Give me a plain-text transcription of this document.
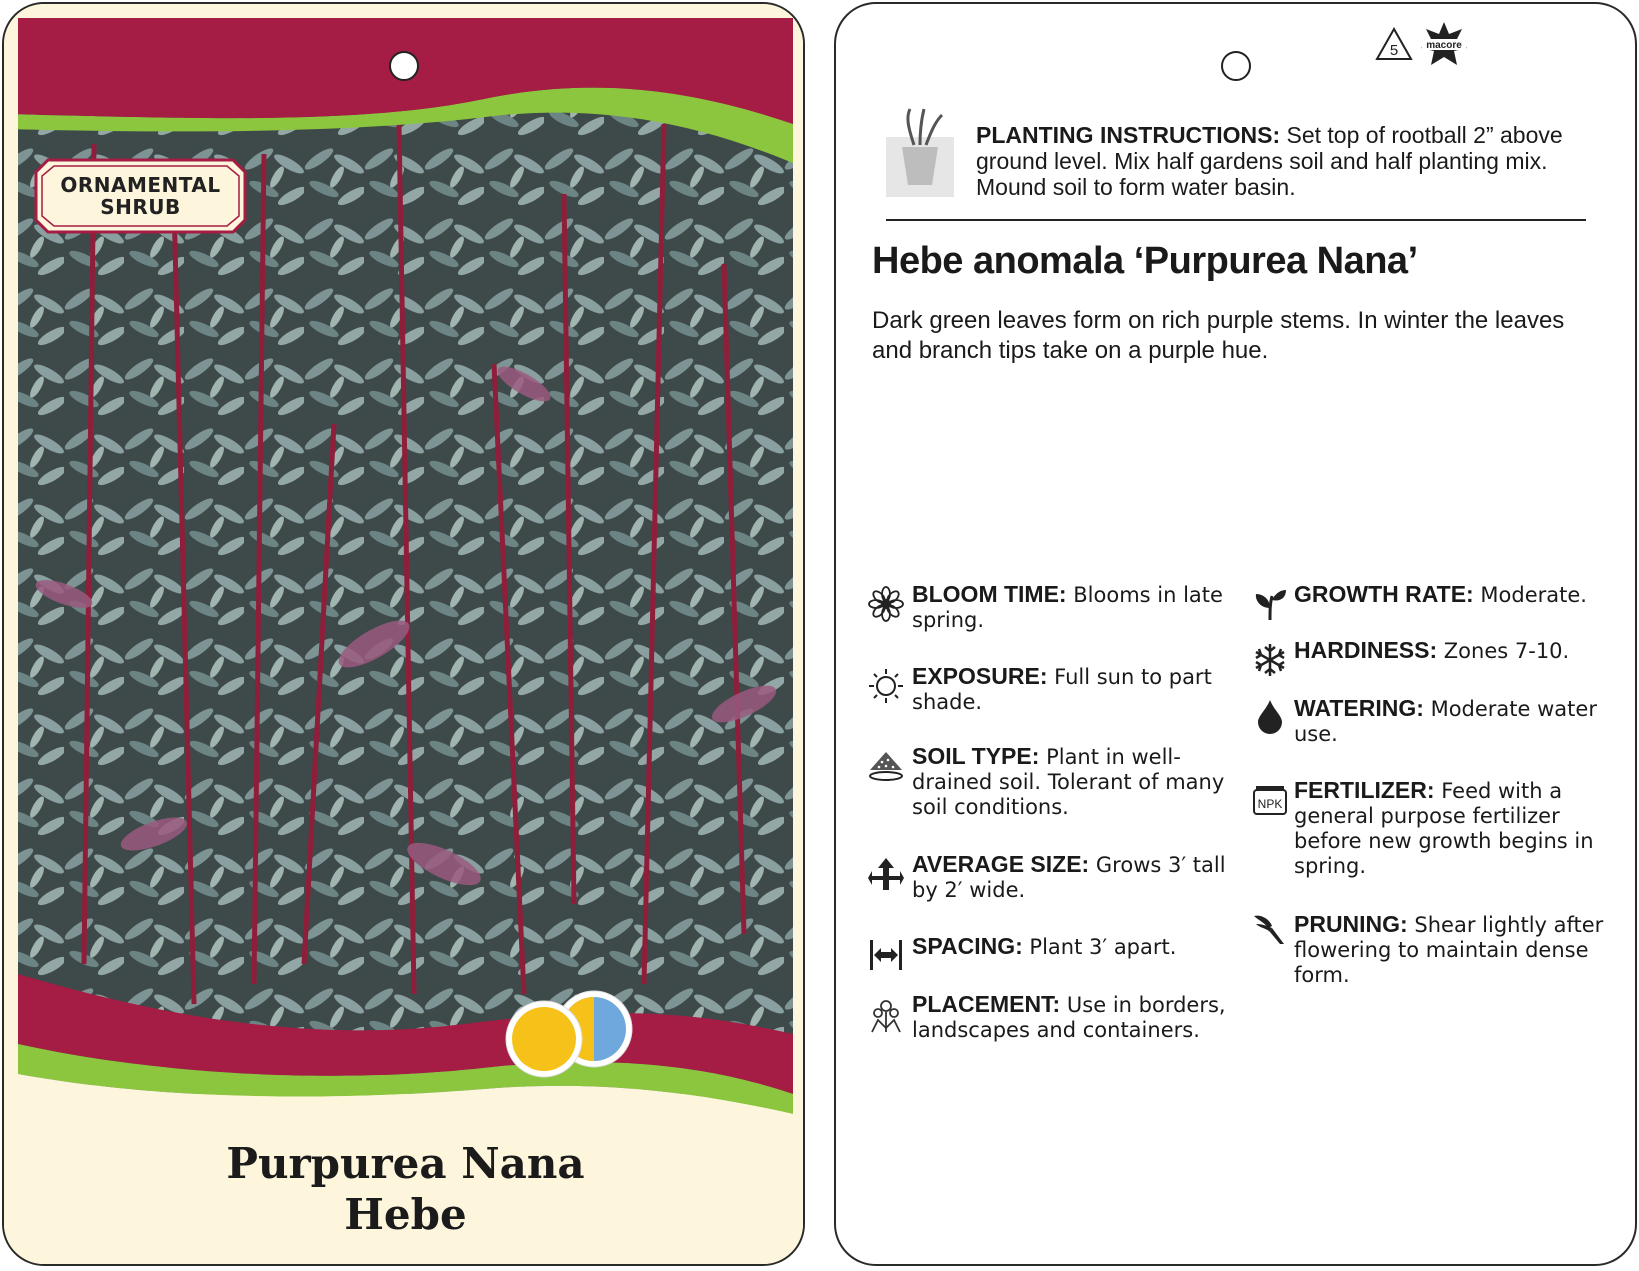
ORNAMENTAL
SHRUB
Purpurea Nana
Hebe
5	macore
PLANTING INSTRUCTIONS: Set top of rootball 2” above ground level. Mix half gardens soil and half planting mix. Mound soil to form water basin.
Hebe anomala ‘Purpurea Nana’
Dark green leaves form on rich purple stems. In winter the leaves and branch tips take on a purple hue.
NPK
BLOOM TIME: Blooms in late spring.
EXPOSURE: Full sun to part shade.
SOIL TYPE: Plant in well-drained soil. Tolerant of many soil conditions.
AVERAGE SIZE: Grows 3′ tall by 2′ wide.
SPACING: Plant 3′ apart.
PLACEMENT: Use in borders, landscapes and containers.
GROWTH RATE: Moderate.
HARDINESS: Zones 7-10.
WATERING: Moderate water use.
FERTILIZER: Feed with a general purpose fertilizer before new growth begins in spring.
PRUNING: Shear lightly after flowering to maintain dense form.
